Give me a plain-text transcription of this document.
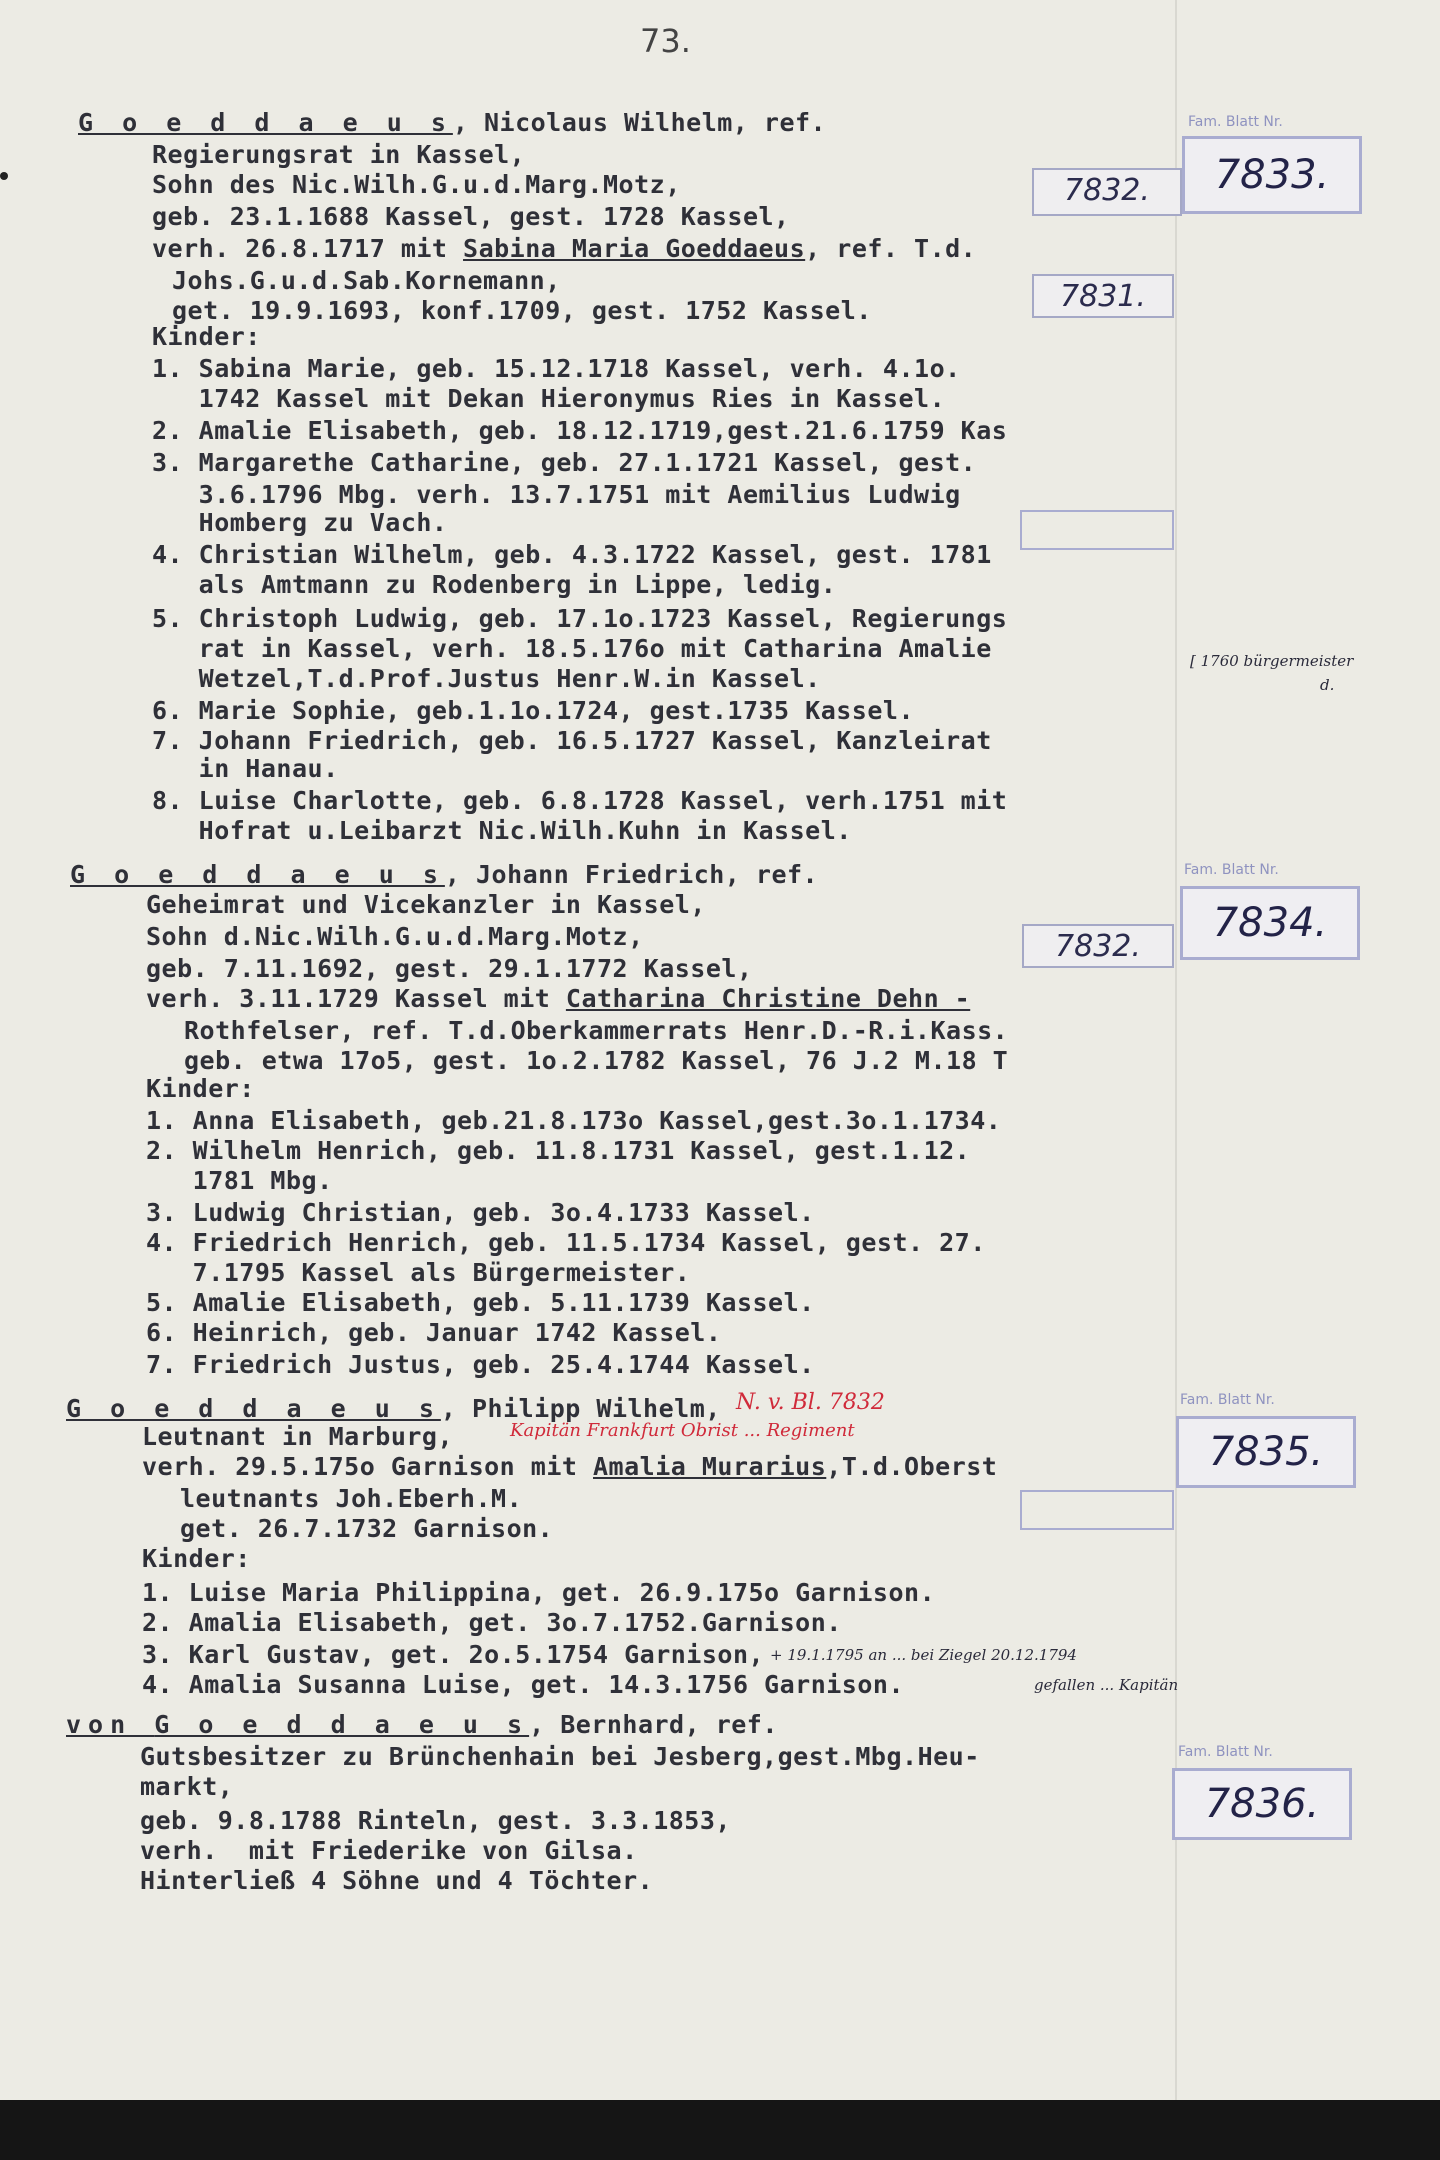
73.
G o e d d a e u s, Nicolaus Wilhelm, ref.
Regierungsrat in Kassel,
Sohn des Nic.Wilh.G.u.d.Marg.Motz,
geb. 23.1.1688 Kassel, gest. 1728 Kassel,
verh. 26.8.1717 mit Sabina Maria Goeddaeus, ref. T.d.
Johs.G.u.d.Sab.Kornemann,
get. 19.9.1693, konf.1709, gest. 1752 Kassel.
Kinder:
1. Sabina Marie, geb. 15.12.1718 Kassel, verh. 4.1o.
1742 Kassel mit Dekan Hieronymus Ries in Kassel.
2. Amalie Elisabeth, geb. 18.12.1719,gest.21.6.1759 Kas
3. Margarethe Catharine, geb. 27.1.1721 Kassel, gest.
3.6.1796 Mbg. verh. 13.7.1751 mit Aemilius Ludwig
Homberg zu Vach.
4. Christian Wilhelm, geb. 4.3.1722 Kassel, gest. 1781
als Amtmann zu Rodenberg in Lippe, ledig.
5. Christoph Ludwig, geb. 17.1o.1723 Kassel, Regierungs
rat in Kassel, verh. 18.5.176o mit Catharina Amalie
Wetzel,T.d.Prof.Justus Henr.W.in Kassel.
6. Marie Sophie, geb.1.1o.1724, gest.1735 Kassel.
7. Johann Friedrich, geb. 16.5.1727 Kassel, Kanzleirat
in Hanau.
8. Luise Charlotte, geb. 6.8.1728 Kassel, verh.1751 mit
Hofrat u.Leibarzt Nic.Wilh.Kuhn in Kassel.
7832.
7831.
Fam. Blatt Nr.
7833.
[ 1760 bürgermeister
d.
G o e d d a e u s, Johann Friedrich, ref.
Geheimrat und Vicekanzler in Kassel,
Sohn d.Nic.Wilh.G.u.d.Marg.Motz,
geb. 7.11.1692, gest. 29.1.1772 Kassel,
verh. 3.11.1729 Kassel mit Catharina Christine Dehn -
Rothfelser, ref. T.d.Oberkammerrats Henr.D.-R.i.Kass.
geb. etwa 17o5, gest. 1o.2.1782 Kassel, 76 J.2 M.18 T
Kinder:
1. Anna Elisabeth, geb.21.8.173o Kassel,gest.3o.1.1734.
2. Wilhelm Henrich, geb. 11.8.1731 Kassel, gest.1.12.
1781 Mbg.
3. Ludwig Christian, geb. 3o.4.1733 Kassel.
4. Friedrich Henrich, geb. 11.5.1734 Kassel, gest. 27.
7.1795 Kassel als Bürgermeister.
5. Amalie Elisabeth, geb. 5.11.1739 Kassel.
6. Heinrich, geb. Januar 1742 Kassel.
7. Friedrich Justus, geb. 25.4.1744 Kassel.
7832.
Fam. Blatt Nr.
7834.
G o e d d a e u s, Philipp Wilhelm, N. v. Bl. 7832
Leutnant in Marburg,	Kapitän Frankfurt Obrist ... Regiment
verh. 29.5.175o Garnison mit Amalia Murarius,T.d.Oberst
leutnants Joh.Eberh.M.
get. 26.7.1732 Garnison.
Kinder:
1. Luise Maria Philippina, get. 26.9.175o Garnison.
2. Amalia Elisabeth, get. 3o.7.1752.Garnison.
3. Karl Gustav, get. 2o.5.1754 Garnison, + 19.1.1795 an ... bei Ziegel 20.12.1794
4. Amalia Susanna Luise, get. 14.3.1756 Garnison.	gefallen ... Kapitän
Fam. Blatt Nr.
7835.
von G o e d d a e u s, Bernhard, ref.
Gutsbesitzer zu Brünchenhain bei Jesberg,gest.Mbg.Heu-
markt,
geb. 9.8.1788 Rinteln, gest. 3.3.1853,
verh.  mit Friederike von Gilsa.
Hinterließ 4 Söhne und 4 Töchter.
Fam. Blatt Nr.
7836.
